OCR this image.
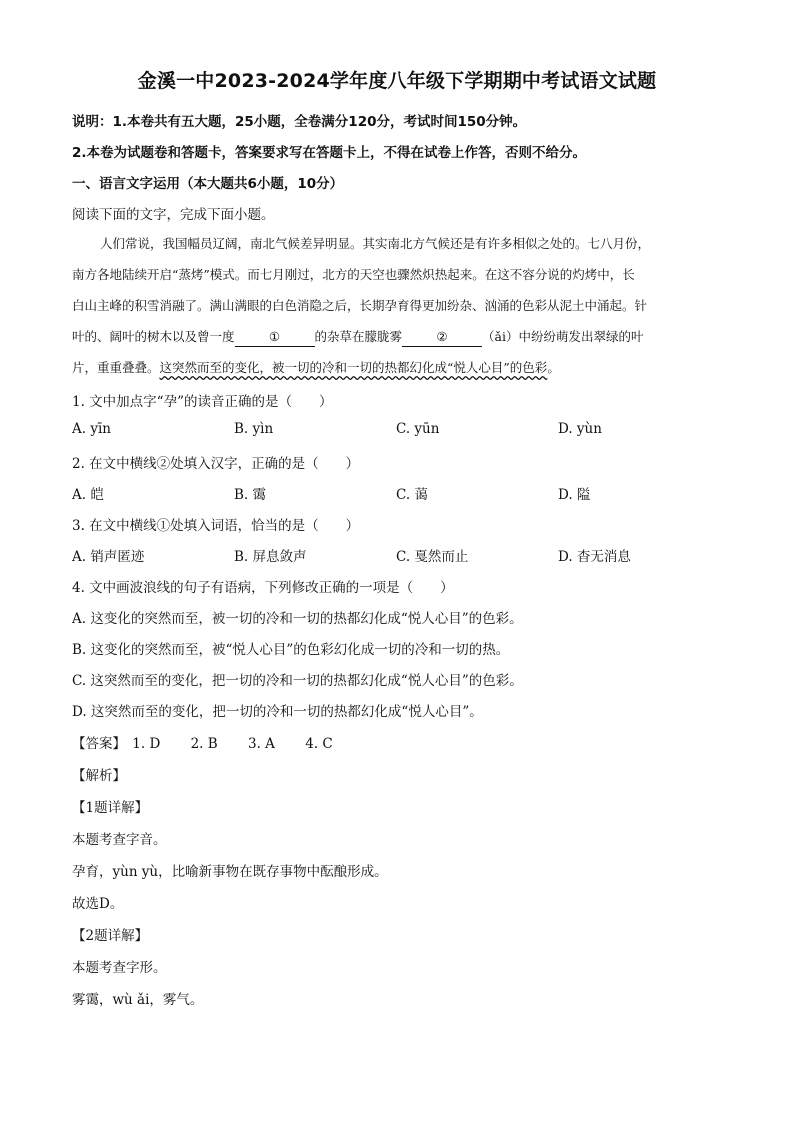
金溪一中2023-2024学年度八年级下学期期中考试语文试题
说明：1.本卷共有五大题，25小题，全卷满分120分，考试时间150分钟。
2.本卷为试题卷和答题卡，答案要求写在答题卡上，不得在试卷上作答，否则不给分。
一、语言文字运用（本大题共6小题，10分）
阅读下面的文字，完成下面小题。
人们常说，我国幅员辽阔，南北气候差异明显。其实南北方气候还是有许多相似之处的。七八月份，
南方各地陆续开启“蒸烤”模式。而七月刚过，北方的天空也骤然炽热起来。在这不容分说的灼烤中，长
白山主峰的积雪消融了。满山满眼的白色消隐之后，长期孕育得更加纷杂、汹涌的色彩从泥土中涌起。针
叶的、阔叶的树木以及曾一度	①	的杂草在朦胧雾	②	（ǎi）中纷纷萌发出翠绿的叶
片，重重叠叠。这突然而至的变化，被一切的冷和一切的热都幻化成“悦人心目”的色彩。
1. 文中加点字“孕”的读音正确的是（　　）
A. yīn	B. yìn	C. yūn	D. yùn
2. 在文中横线②处填入汉字，正确的是（　　）
A. 皑	B. 霭	C. 蔼	D. 隘
3. 在文中横线①处填入词语，恰当的是（　　）
A. 销声匿迹	B. 屏息敛声	C. 戛然而止	D. 杳无消息
4. 文中画波浪线的句子有语病，下列修改正确的一项是（　　）
A. 这变化的突然而至，被一切的冷和一切的热都幻化成“悦人心目”的色彩。
B. 这变化的突然而至，被“悦人心目”的色彩幻化成一切的冷和一切的热。
C. 这突然而至的变化，把一切的冷和一切的热都幻化成“悦人心目”的色彩。
D. 这突然而至的变化，把一切的冷和一切的热都幻化成“悦人心目”。
【答案】 1. D 2. B 3. A 4. C
【解析】
【1题详解】
本题考查字音。
孕育，yùn yù，比喻新事物在既存事物中酝酿形成。
故选D。
【2题详解】
本题考查字形。
雾霭，wù ǎi，雾气。
